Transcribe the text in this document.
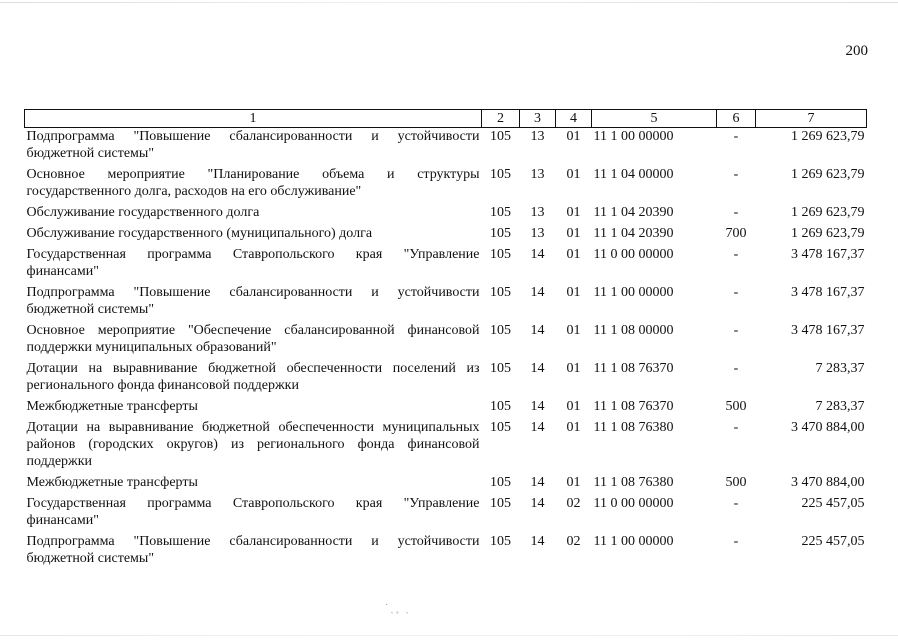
200
1	2	3	4	5	6	7
Подпрограмма "Повышение сбалансированности и устойчивости бюджетной системы"	105	13	01	11 1 00 00000	-	1 269 623,79
Основное мероприятие "Планирование объема и структуры государственного долга, расходов на его обслуживание"	105	13	01	11 1 04 00000	-	1 269 623,79
Обслуживание государственного долга	105	13	01	11 1 04 20390	-	1 269 623,79
Обслуживание государственного (муниципального) долга	105	13	01	11 1 04 20390	700	1 269 623,79
Государственная программа Ставропольского края "Управление финансами"	105	14	01	11 0 00 00000	-	3 478 167,37
Подпрограмма "Повышение сбалансированности и устойчивости бюджетной системы"	105	14	01	11 1 00 00000	-	3 478 167,37
Основное мероприятие "Обеспечение сбалансированной финансовой поддержки муниципальных образований"	105	14	01	11 1 08 00000	-	3 478 167,37
Дотации на выравнивание бюджетной обеспеченности поселений из регионального фонда финансовой поддержки	105	14	01	11 1 08 76370	-	7 283,37
Межбюджетные трансферты	105	14	01	11 1 08 76370	500	7 283,37
Дотации на выравнивание бюджетной обеспеченности муниципальных районов (городских округов) из регионального фонда финансовой поддержки	105	14	01	11 1 08 76380	-	3 470 884,00
Межбюджетные трансферты	105	14	01	11 1 08 76380	500	3 470 884,00
Государственная программа Ставропольского края "Управление финансами"	105	14	02	11 0 00 00000	-	225 457,05
Подпрограмма "Повышение сбалансированности и устойчивости бюджетной системы"	105	14	02	11 1 00 00000	-	225 457,05
˙ˏ˳ ˎ
